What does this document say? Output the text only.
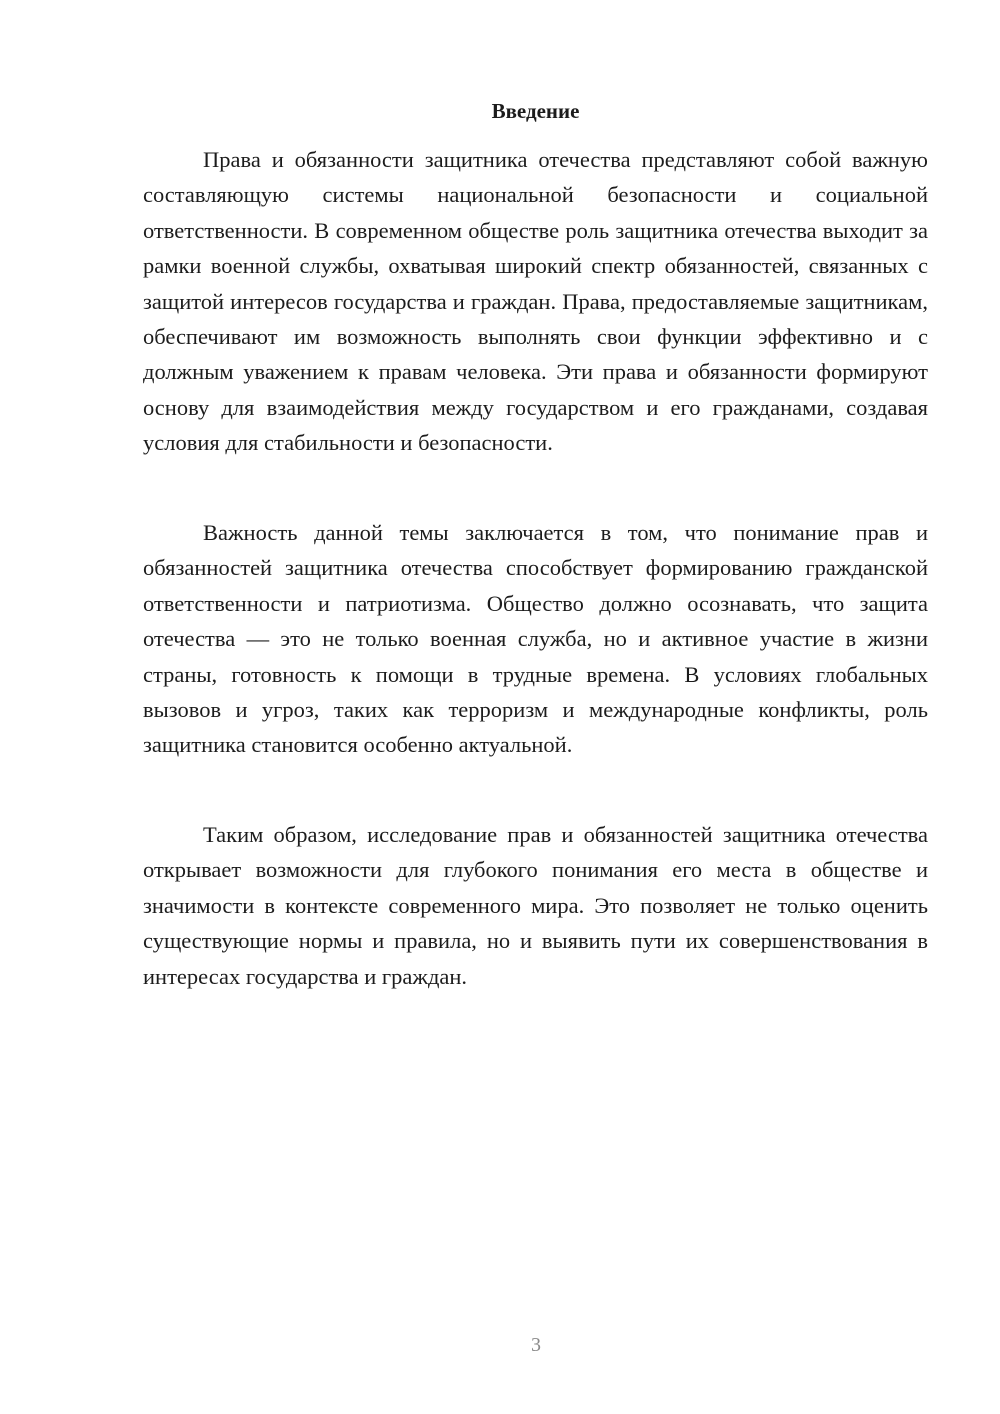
Введение

Права и обязанности защитника отечества представляют собой важную составляющую системы национальной безопасности и социальной ответственности. В современном обществе роль защитника отечества выходит за рамки военной службы, охватывая широкий спектр обязанностей, связанных с защитой интересов государства и граждан. Права, предоставляемые защитникам, обеспечивают им возможность выполнять свои функции эффективно и с должным уважением к правам человека. Эти права и обязанности формируют основу для взаимодействия между государством и его гражданами, создавая условия для стабильности и безопасности.

Важность данной темы заключается в том, что понимание прав и обязанностей защитника отечества способствует формированию гражданской ответственности и патриотизма. Общество должно осознавать, что защита отечества — это не только военная служба, но и активное участие в жизни страны, готовность к помощи в трудные времена. В условиях глобальных вызовов и угроз, таких как терроризм и международные конфликты, роль защитника становится особенно актуальной.

Таким образом, исследование прав и обязанностей защитника отечества открывает возможности для глубокого понимания его места в обществе и значимости в контексте современного мира. Это позволяет не только оценить существующие нормы и правила, но и выявить пути их совершенствования в интересах государства и граждан.

3
